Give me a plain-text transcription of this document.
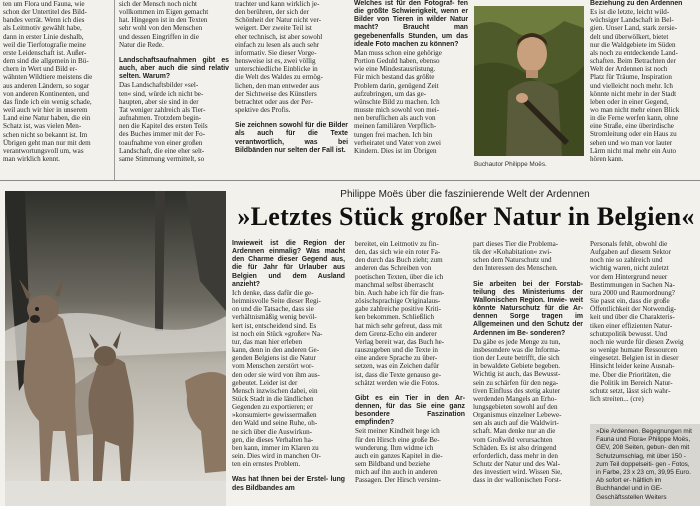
ten um Flora und Fauna, wie

schon der Untertitel des Bild-

bandes verrät. Wenn ich dies

als Leitmotiv gewählt habe,

dann in erster Linie deshalb,

weil die Tierfotografie meine

erste Leidenschaft ist. Außer-

dem sind die allgemein in Bü-

chern in Wert und Bild er-

wähnten Wildtiere meistens die

aus anderen Ländern, so sogar

von anderen Kontinenten, und

das finde ich ein wenig schade,

weil auch wir hier in unserem

Land eine Natur haben, die ein

Schatz ist, was vielen Men-

schen nicht so bekannt ist. Im

Übrigen geht man nur mit dem

verantwortungsvoll um, was

man wirklich kennt.

sich der Mensch noch nicht

vollkommen im Eigen gemacht

hat. Hingegen ist in den Texten

sehr wohl von den Menschen

und dessen Eingriffen in die

Natur die Rede.

Landschaftsaufnahmen gibt es auch, aber auch die sind relativ selten. Warum?

Das Landschaftsbilder »sel-

ten« sind, würde ich nicht be-

haupten, aber sie sind in der

Tat weniger zahlreich als Tier-

aufnahmen. Trotzdem begin-

nen die Kapitel des ersten Teils

des Buches immer mit der Fo-

toaufnahme von einer großen

Landschaft, die eine eher selt-

same Stimmung vermittelt, so

trachter und kann wirklich je-

den berühren, der sich der

Schönheit der Natur nicht ver-

weigert. Der zweite Teil ist

eher technisch, ist aber sowohl

einfach zu lesen als auch sehr

informativ. Sie dieser Vorge-

hensweise ist es, zwei völlig

unterschiedliche Einblicke in

die Welt des Waldes zu ermög-

lichen, den man entweder aus

der Sichtweise des Künstlers

betrachtet oder aus der Per-

spektive des Profis.

Sie zeichnen sowohl für die Bilder als auch für die Texte verantwortlich, was bei Bildbänden nur selten der Fall ist.

Welches ist für den Fotograf- fen die größte Schwierigkeit, wenn er Bilder von Tieren in wilder Natur macht? Braucht man gegebenenfalls Stunden, um das ideale Foto machen zu können?

Man muss schon eine gehörige

Portion Geduld haben, ebenso

wie eine Mindestausrüstung.

Für mich bestand das größte

Problem darin, genügend Zeit

aufzubringen, um das ge-

wünschte Bild zu machen. Ich

musste mich sowohl von mei-

nen beruflichen als auch von

meinen familiären Verpflich-

tungen frei machen. Ich bin

verheiratet und Vater von zwei

Kindern. Dies ist im Übrigen

Buchautor Philippe Moës.

Beziehung zu den Ardennen

Es ist die letzte, leicht wild-

wüchsiger Landschaft in Bel-

gien. Unser Land, stark zersie-

delt und überwölkert, bietet

nur die Waldgebiete im Süden

als noch zu entdeckende Land-

schaften. Beim Betrachten der

Welt der Ardennen ist noch

Platz für Träume, Inspiration

und vielleicht noch mehr. Ich

könnte nicht mehr in der Stadt

leben oder in einer Gegend,

wo man nicht mehr einen Blick

in die Ferne werfen kann, ohne

eine Straße, eine überirdische

Stromleitung oder ein Haus zu

sehen und wo man vor lauter

Lärm nicht mal mehr ein Auto

hören kann.

Philippe Moës über die faszinierende Welt der Ardennen
»Letztes Stück großer Natur in Belgien«

Inwieweit ist die Region der Ardennen einmalig? Was macht den Charme dieser Gegend aus, die für Jahr für Urlauber aus Belgien und dem Ausland anzieht?

Ich denke, dass dafür die ge-

heimnisvolle Seite dieser Regi-

on und die Tatsache, dass sie

verhältnismäßig wenig bevöl-

kert ist, entscheidend sind. Es

ist noch ein Stück »großer« Na-

tur, das man hier erleben

kann, denn in den anderen Ge-

genden Belgiens ist die Natur

vom Menschen zerstört wor-

den oder sie wird von ihm aus-

gebeutet. Leider ist der

Mensch inzwischen dabei, ein

Stück Stadt in die ländlichen

Gegenden zu exportieren; er

»konsumiert« gewissermaßen

den Wald und seine Ruhe, oh-

ne sich über die Auswirkun-

gen, die dieses Verhalten ha-

ben kann, immer im Klaren zu

sein. Dies wird in manchen Or-

ten ein ernstes Problem.

Was hat Ihnen bei der Erstel- lung des Bildbandes am

bereitet, ein Leitmotiv zu fin-

den, das sich wie ein roter Fa-

den durch das Buch zieht; zum

anderen das Schreiben von

poetischen Texten, über die ich

manchmal selbst überrascht

bin. Auch habe ich für die fran-

zösischsprachige Originalaus-

gabe zahlreiche positive Kriti-

ken bekommen. Schließlich

hat mich sehr gefreut, dass mit

dem Grenz-Echo ein anderer

Verlag bereit war, das Buch he-

rauszugeben und die Texte in

eine andere Sprache zu über-

setzen, was ein Zeichen dafür

ist, dass die Texte genauso ge-

schätzt werden wie die Fotos.

Gibt es ein Tier in den Ar- dennen, für das Sie eine ganz besondere Faszination empfinden?

Seit meiner Kindheit hege ich

für den Hirsch eine große Be-

wunderung. Ihm widme ich

auch ein ganzes Kapitel in die-

sem Bildband und beziehe

mich auf ihn auch in anderen

Passagen. Der Hirsch versinn-

part dieses Tier die Problema-

tik der »Kohabitation« zwi-

schen dem Naturschutz und

den Interessen des Menschen.

Sie arbeiten bei der Forstab- teilung des Ministeriums der Wallonischen Region. Inwie- weit könnte Naturschutz für die Ar- dennen Sorge tragen im Allgemeinen und den Schutz der Ardennen im Be- sonderen?

Da gäbe es jede Menge zu tun,

insbesondere was die Informa-

tion der Leute betrifft, die sich

in bewaldete Gebiete begeben.

Wichtig ist auch, das Bewusst-

sein zu schärfen für den nega-

tiven Einfluss des stetig akuter

werdenden Mangels an Erho-

lungsgebieten sowohl auf den

Organismus einzelner Lebewe-

sen als auch auf die Waldwirt-

schaft. Man denke nur an die

vom Großwild verursachten

Schäden. Es ist also dringend

erforderlich, dass mehr in den

Schutz der Natur und des Wal-

des investiert wird. Wissen Sie,

dass in der wallonischen Forst-

Personals fehlt, obwohl die

Aufgaben auf diesem Sektor

noch nie so zahlreich und

wichtig waren, nicht zuletzt

vor dem Hintergrund neuer

Bestimmungen in Sachen Na-

tura 2000 und Raumordnung?

Sie passt ein, dass die große

Öffentlichkeit der Notwendig-

keit und über die Charakteris-

tiken einer effizienten Natur-

schutzpolitik bewusst. Und

noch nie wurde für diesen Zweig

so wenige humane Ressourcen

eingesetzt. Belgien ist in dieser

Hinsicht leider keine Ausnah-

me. Über die Prioritäten, die

die Politik im Bereich Natur-

schutz setzt, lässt sich wahr-

lich streiten... (cre)

»Die Ardennen. Begegnungen mit Fauna und Flora« Philippe Moës, GEV, 208 Seiten, gebun- den mit Schutzumschlag, mit über 150 - zum Teil doppelseiti- gen - Fotos, in Farbe, 23 x 23 cm, 39,95 Euro. Ab sofort er- hältlich im Buchhandel und in GE-Geschäftsstellen Weiters
